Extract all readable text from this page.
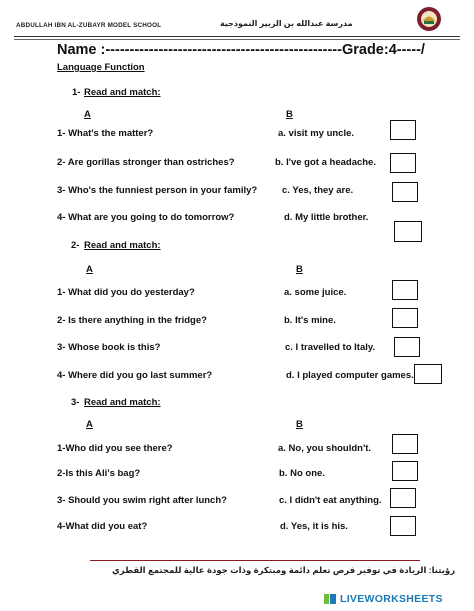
ABDULLAH IBN AL-ZUBAYR MODEL SCHOOL	مدرسة عبدالله بن الزبير النموذجية
Name :-------------------------------------------------Grade:4-----/
Language Function
1- Read and match:
A	B
1- What's the matter?	a. visit my uncle.
2- Are gorillas stronger than ostriches?	b. I've got a headache.
3- Who's the funniest person in your family?	c. Yes, they are.
4- What are you going to do tomorrow?	d. My little brother.
2- Read and match:
A	B
1- What did you do yesterday?	a. some juice.
2- Is there anything in the fridge?	b. It's mine.
3- Whose book is this?	c. I travelled to Italy.
4- Where did you go last summer?	d. I played computer games.
3- Read and match:
A	B
1-Who did you see there?	a. No, you shouldn't.
2-Is this Ali's bag?	b. No one.
3- Should you swim right after lunch?	c. I didn't eat anything.
4-What did you eat?	d. Yes, it is his.
رؤيتنا: الريادة في توفير فرص تعلم دائمة ومبتكرة وذات جودة عالية للمجتمع القطري
LIVEWORKSHEETS
